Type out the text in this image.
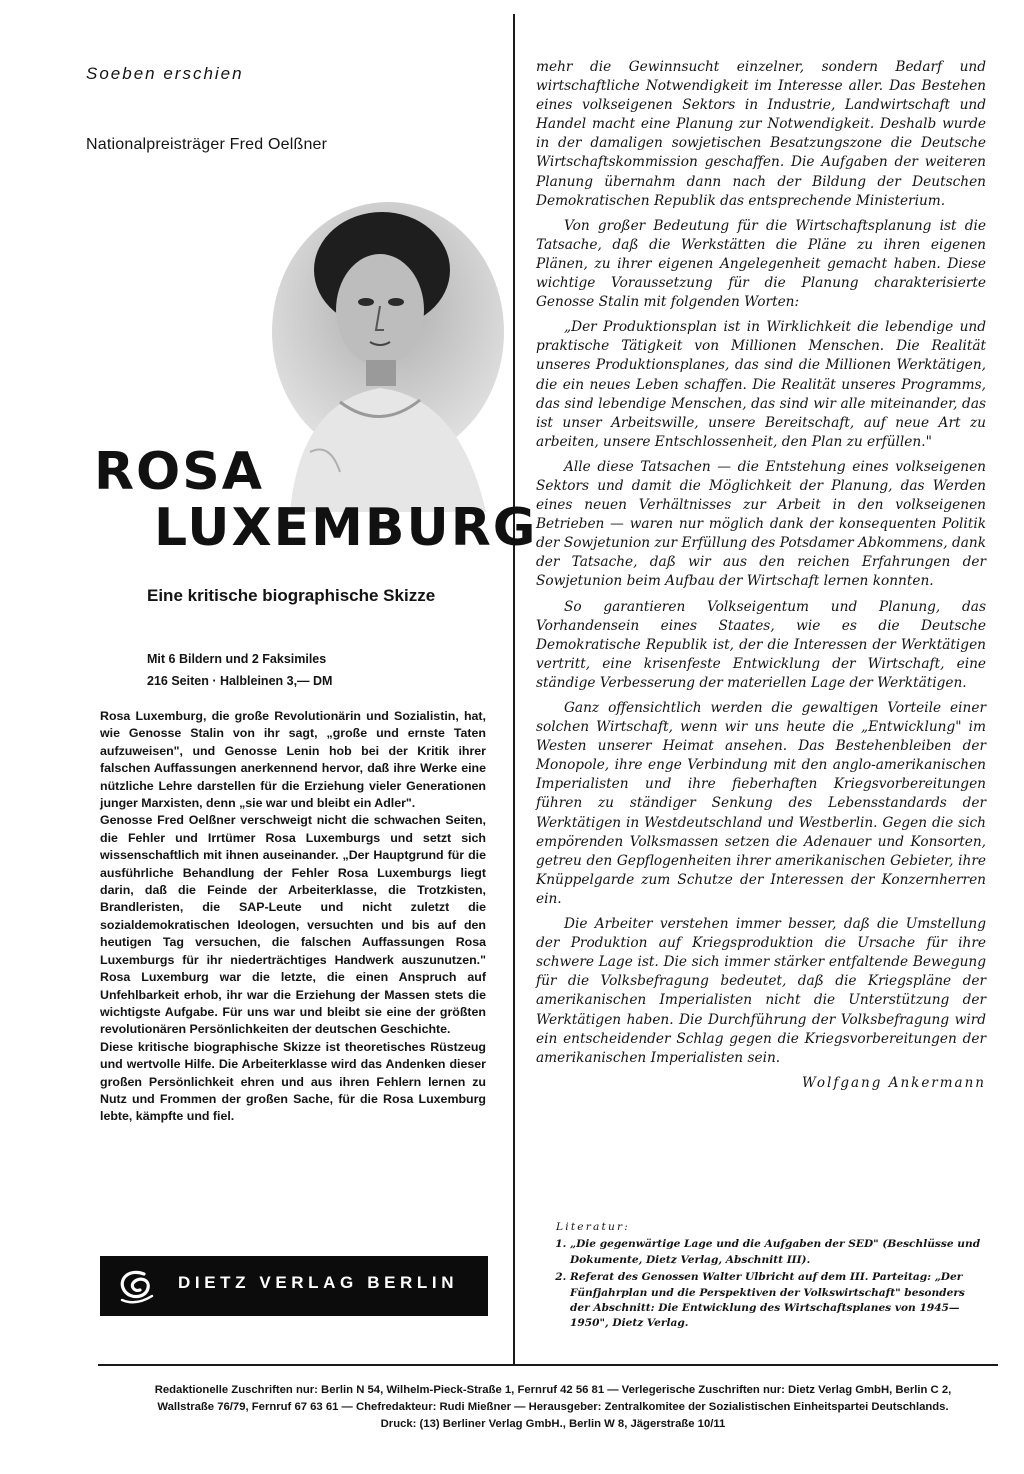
Soeben erschien
Nationalpreisträger Fred Oelßner
ROSA
LUXEMBURG
Eine kritische biographische Skizze
Mit 6 Bildern und 2 Faksimiles
216 Seiten · Halbleinen 3,— DM

Rosa Luxemburg, die große Revolutionärin und Sozialistin, hat, wie Genosse Stalin von ihr sagt, „große und ernste Taten aufzuweisen", und Genosse Lenin hob bei der Kritik ihrer falschen Auffassungen anerkennend hervor, daß ihre Werke eine nützliche Lehre darstellen für die Erziehung vieler Generationen junger Marxisten, denn „sie war und bleibt ein Adler".

Genosse Fred Oelßner verschweigt nicht die schwachen Seiten, die Fehler und Irrtümer Rosa Luxemburgs und setzt sich wissenschaftlich mit ihnen auseinander. „Der Hauptgrund für die ausführliche Behandlung der Fehler Rosa Luxemburgs liegt darin, daß die Feinde der Arbeiterklasse, die Trotzkisten, Brandleristen, die SAP-Leute und nicht zuletzt die sozialdemokratischen Ideologen, versuchten und bis auf den heutigen Tag versuchen, die falschen Auffassungen Rosa Luxemburgs für ihr niederträchtiges Handwerk auszunutzen." Rosa Luxemburg war die letzte, die einen Anspruch auf Unfehlbarkeit erhob, ihr war die Erziehung der Massen stets die wichtigste Aufgabe. Für uns war und bleibt sie eine der größten revolutionären Persönlichkeiten der deutschen Geschichte.

Diese kritische biographische Skizze ist theoretisches Rüstzeug und wertvolle Hilfe. Die Arbeiterklasse wird das Andenken dieser großen Persönlichkeit ehren und aus ihren Fehlern lernen zu Nutz und Frommen der großen Sache, für die Rosa Luxemburg lebte, kämpfte und fiel.

DIETZ VERLAG BERLIN

mehr die Gewinnsucht einzelner, sondern Bedarf und wirtschaftliche Notwendigkeit im Interesse aller. Das Bestehen eines volkseigenen Sektors in Industrie, Landwirtschaft und Handel macht eine Planung zur Notwendigkeit. Deshalb wurde in der damaligen sowjetischen Besatzungszone die Deutsche Wirtschaftskommission geschaffen. Die Aufgaben der weiteren Planung übernahm dann nach der Bildung der Deutschen Demokratischen Republik das entsprechende Ministerium.

Von großer Bedeutung für die Wirtschaftsplanung ist die Tatsache, daß die Werkstätten die Pläne zu ihren eigenen Plänen, zu ihrer eigenen Angelegenheit gemacht haben. Diese wichtige Voraussetzung für die Planung charakterisierte Genosse Stalin mit folgenden Worten:

„Der Produktionsplan ist in Wirklichkeit die lebendige und praktische Tätigkeit von Millionen Menschen. Die Realität unseres Produktionsplanes, das sind die Millionen Werktätigen, die ein neues Leben schaffen. Die Realität unseres Programms, das sind lebendige Menschen, das sind wir alle miteinander, das ist unser Arbeitswille, unsere Bereitschaft, auf neue Art zu arbeiten, unsere Entschlossenheit, den Plan zu erfüllen."

Alle diese Tatsachen — die Entstehung eines volkseigenen Sektors und damit die Möglichkeit der Planung, das Werden eines neuen Verhältnisses zur Arbeit in den volkseigenen Betrieben — waren nur möglich dank der konsequenten Politik der Sowjetunion zur Erfüllung des Potsdamer Abkommens, dank der Tatsache, daß wir aus den reichen Erfahrungen der Sowjetunion beim Aufbau der Wirtschaft lernen konnten.

So garantieren Volkseigentum und Planung, das Vorhandensein eines Staates, wie es die Deutsche Demokratische Republik ist, der die Interessen der Werktätigen vertritt, eine krisenfeste Entwicklung der Wirtschaft, eine ständige Verbesserung der materiellen Lage der Werktätigen.

Ganz offensichtlich werden die gewaltigen Vorteile einer solchen Wirtschaft, wenn wir uns heute die „Entwicklung" im Westen unserer Heimat ansehen. Das Bestehenbleiben der Monopole, ihre enge Verbindung mit den anglo-amerikanischen Imperialisten und ihre fieberhaften Kriegsvorbereitungen führen zu ständiger Senkung des Lebensstandards der Werktätigen in Westdeutschland und Westberlin. Gegen die sich empörenden Volksmassen setzen die Adenauer und Konsorten, getreu den Gepflogenheiten ihrer amerikanischen Gebieter, ihre Knüppelgarde zum Schutze der Interessen der Konzernherren ein.

Die Arbeiter verstehen immer besser, daß die Umstellung der Produktion auf Kriegsproduktion die Ursache für ihre schwere Lage ist. Die sich immer stärker entfaltende Bewegung für die Volksbefragung bedeutet, daß die Kriegspläne der amerikanischen Imperialisten nicht die Unterstützung der Werktätigen haben. Die Durchführung der Volksbefragung wird ein entscheidender Schlag gegen die Kriegsvorbereitungen der amerikanischen Imperialisten sein.

Wolfgang Ankermann
Literatur:
1. „Die gegenwärtige Lage und die Aufgaben der SED" (Beschlüsse und Dokumente, Dietz Verlag, Abschnitt III).
2. Referat des Genossen Walter Ulbricht auf dem III. Parteitag: „Der Fünfjahrplan und die Perspektiven der Volkswirtschaft" besonders der Abschnitt: Die Entwicklung des Wirtschaftsplanes von 1945—1950", Dietz Verlag.
Redaktionelle Zuschriften nur: Berlin N 54, Wilhelm-Pieck-Straße 1, Fernruf 42 56 81 — Verlegerische Zuschriften nur: Dietz Verlag GmbH, Berlin C 2,
Wallstraße 76/79, Fernruf 67 63 61 — Chefredakteur: Rudi Mießner — Herausgeber: Zentralkomitee der Sozialistischen Einheitspartei Deutschlands.
Druck: (13) Berliner Verlag GmbH., Berlin W 8, Jägerstraße 10/11
